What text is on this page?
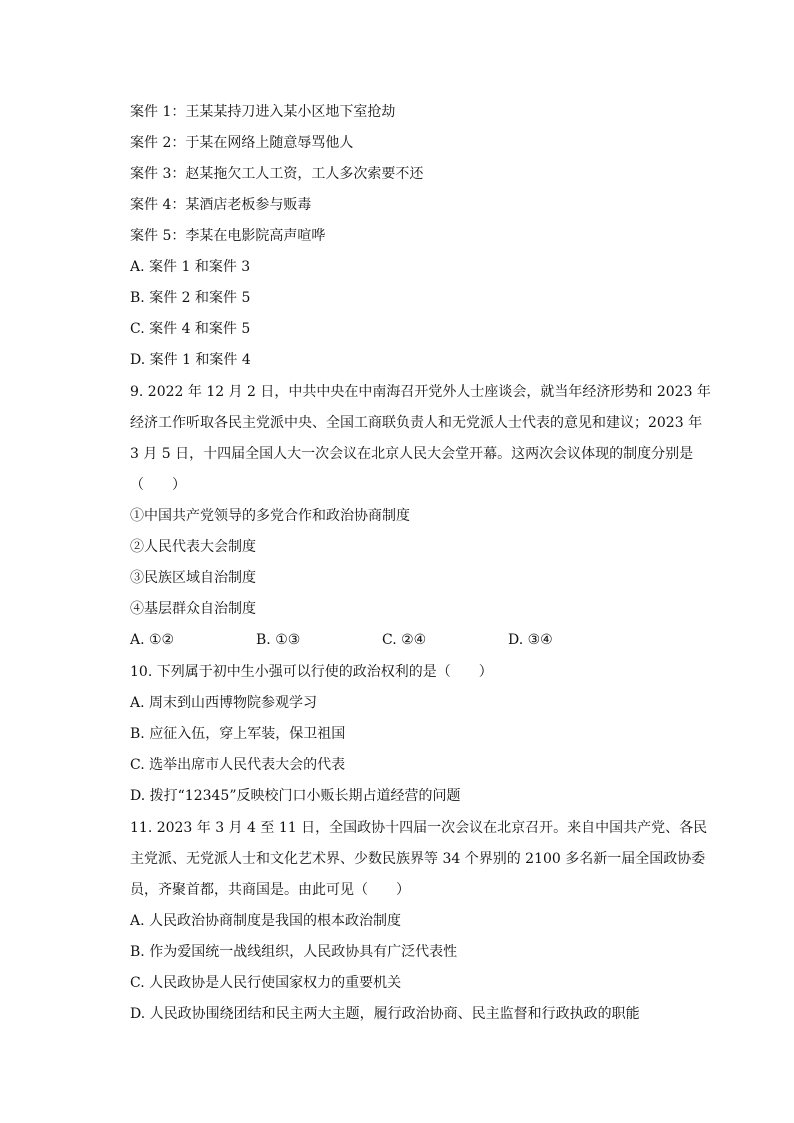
案件 1：王某某持刀进入某小区地下室抢劫
案件 2：于某在网络上随意辱骂他人
案件 3：赵某拖欠工人工资，工人多次索要不还
案件 4：某酒店老板参与贩毒
案件 5：李某在电影院高声喧哗
A. 案件 1 和案件 3
B. 案件 2 和案件 5
C. 案件 4 和案件 5
D. 案件 1 和案件 4
9. 2022 年 12 月 2 日，中共中央在中南海召开党外人士座谈会，就当年经济形势和 2023 年
经济工作听取各民主党派中央、全国工商联负责人和无党派人士代表的意见和建议；2023 年
3 月 5 日，十四届全国人大一次会议在北京人民大会堂开幕。这两次会议体现的制度分别是
（　　）
①中国共产党领导的多党合作和政治协商制度
②人民代表大会制度
③民族区域自治制度
④基层群众自治制度
A. ①②	B. ①③	C. ②④	D. ③④
10. 下列属于初中生小强可以行使的政治权利的是（　　）
A. 周末到山西博物院参观学习
B. 应征入伍，穿上军装，保卫祖国
C. 选举出席市人民代表大会的代表
D. 拨打“12345”反映校门口小贩长期占道经营的问题
11. 2023 年 3 月 4 至 11 日，全国政协十四届一次会议在北京召开。来自中国共产党、各民
主党派、无党派人士和文化艺术界、少数民族界等 34 个界别的 2100 多名新一届全国政协委
员，齐聚首都，共商国是。由此可见（　　）
A. 人民政治协商制度是我国的根本政治制度
B. 作为爱国统一战线组织，人民政协具有广泛代表性
C. 人民政协是人民行使国家权力的重要机关
D. 人民政协围绕团结和民主两大主题，履行政治协商、民主监督和行政执政的职能
